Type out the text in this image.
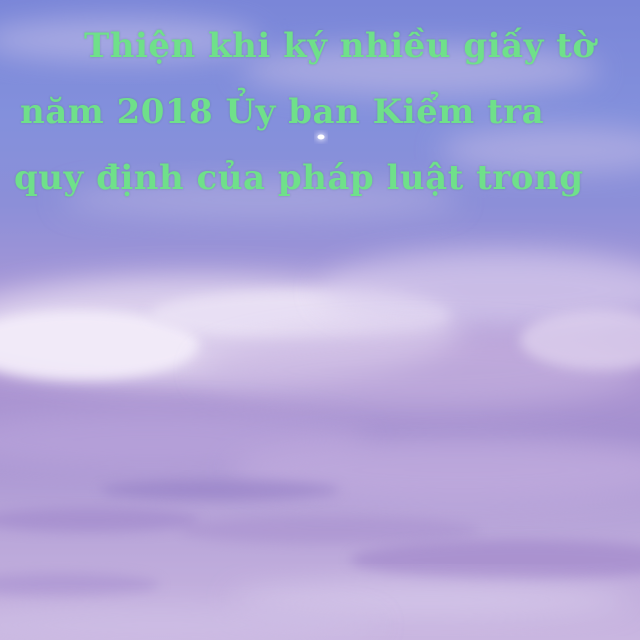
Thiện khi ký nhiều giấy tờ
năm 2018 Ủy ban Kiểm tra
quy định của pháp luật trong
